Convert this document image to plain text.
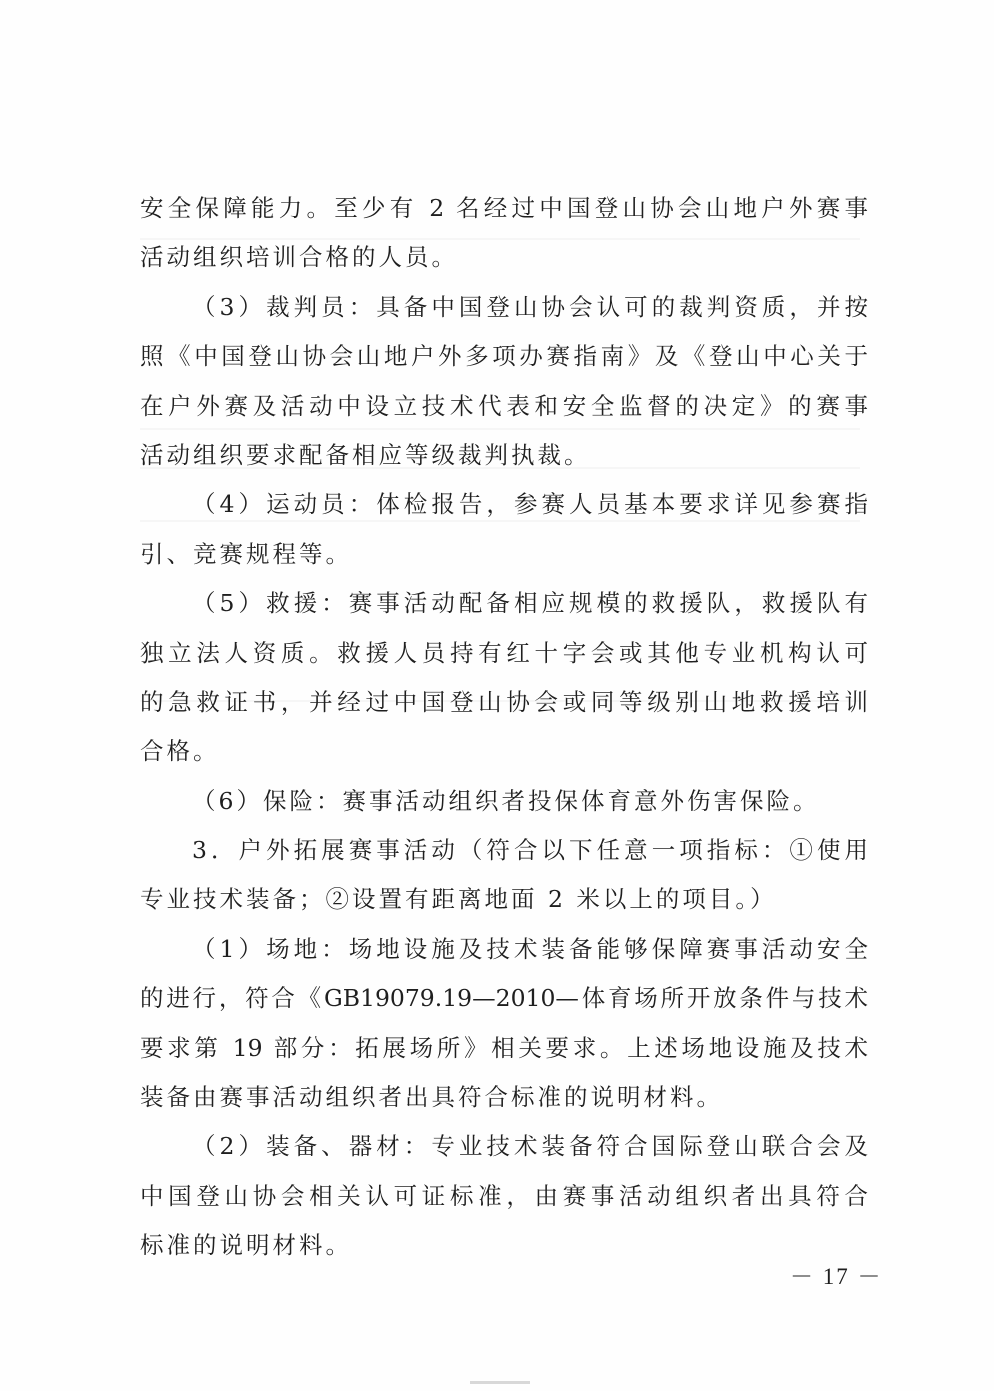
安全保障能力。至少有 2 名经过中国登山协会山地户外赛事
活动组织培训合格的人员。
（3）裁判员：具备中国登山协会认可的裁判资质，并按
照《中国登山协会山地户外多项办赛指南》及《登山中心关于
在户外赛及活动中设立技术代表和安全监督的决定》的赛事
活动组织要求配备相应等级裁判执裁。
（4）运动员：体检报告，参赛人员基本要求详见参赛指
引、竞赛规程等。
（5）救援：赛事活动配备相应规模的救援队，救援队有
独立法人资质。救援人员持有红十字会或其他专业机构认可
的急救证书，并经过中国登山协会或同等级别山地救援培训
合格。
（6）保险：赛事活动组织者投保体育意外伤害保险。
3．户外拓展赛事活动（符合以下任意一项指标：①使用
专业技术装备；②设置有距离地面 2 米以上的项目。）
（1）场地：场地设施及技术装备能够保障赛事活动安全
的进行，符合《GB19079.19—2010—体育场所开放条件与技术
要求第 19 部分：拓展场所》相关要求。上述场地设施及技术
装备由赛事活动组织者出具符合标准的说明材料。
（2）装备、器材：专业技术装备符合国际登山联合会及
中国登山协会相关认可证标准，由赛事活动组织者出具符合
标准的说明材料。
－ 17 －
